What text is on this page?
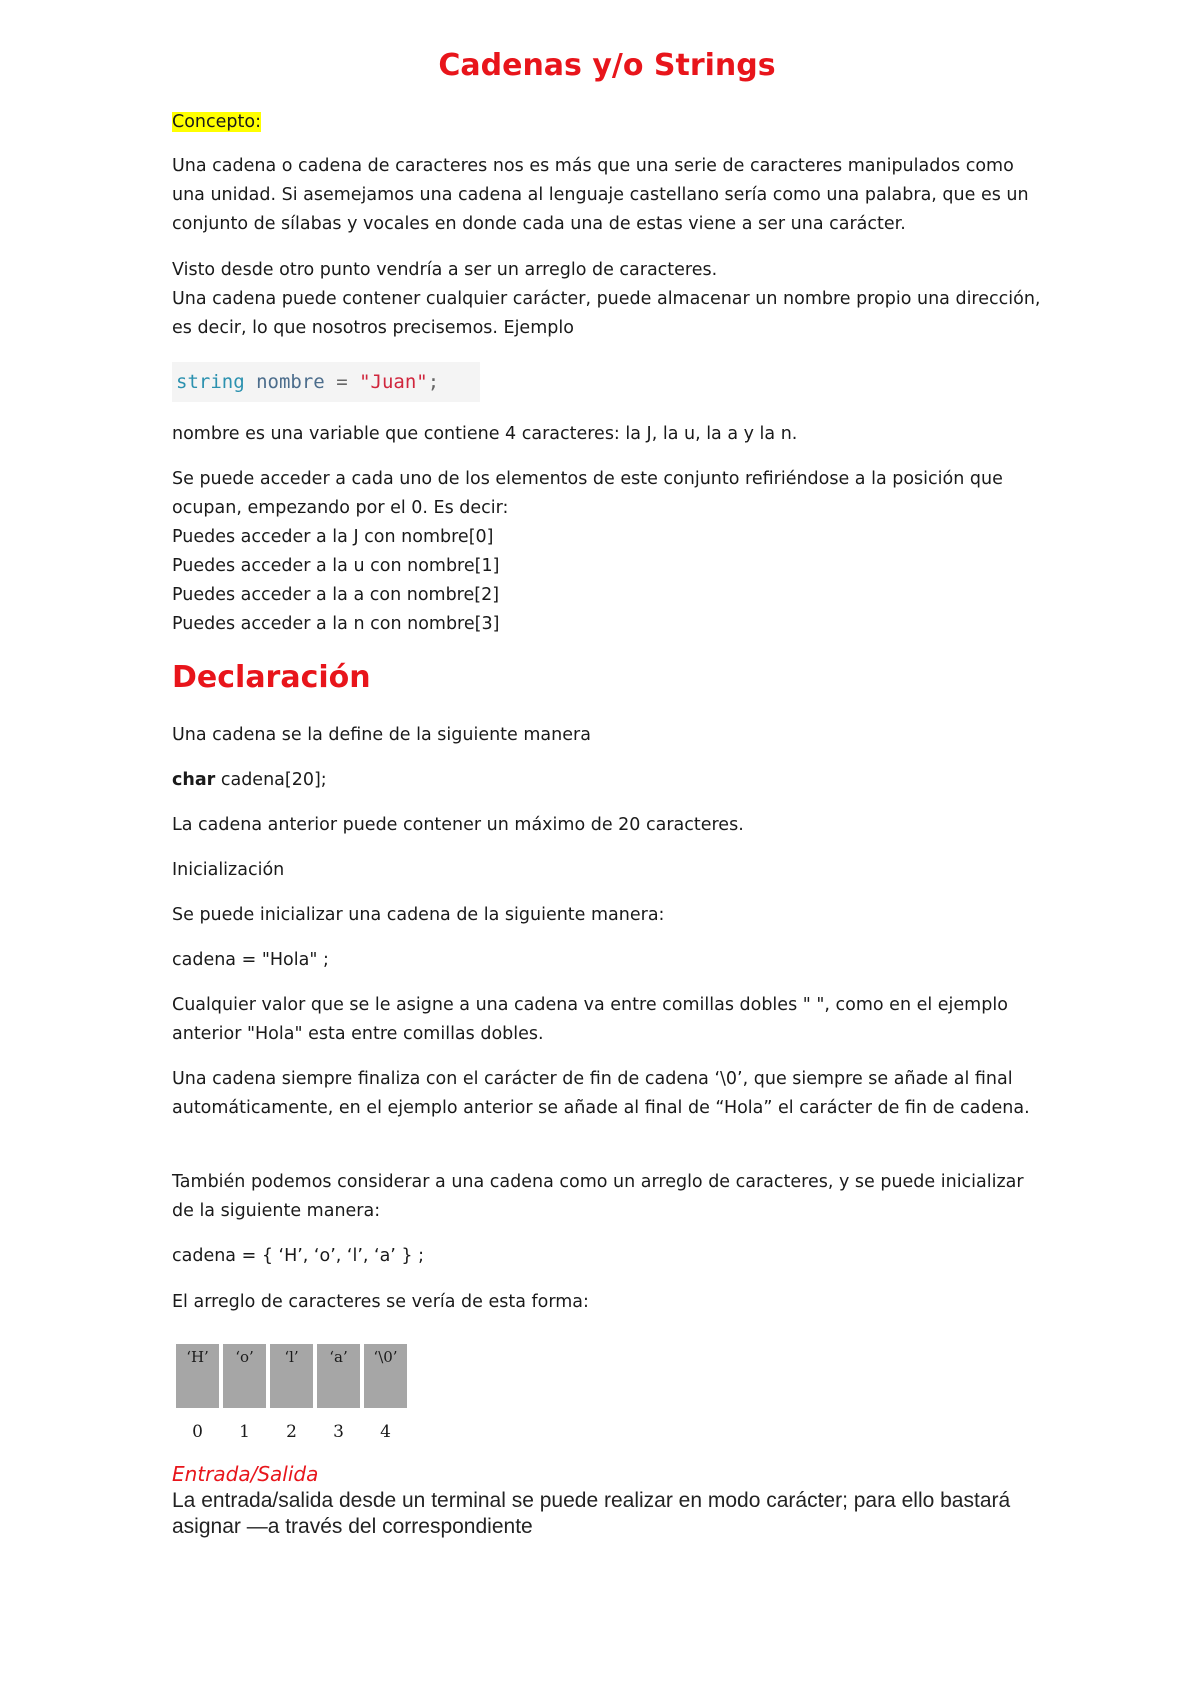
Cadenas y/o Strings

Concepto:

Una cadena o cadena de caracteres nos es más que una serie de caracteres manipulados como una unidad. Si asemejamos una cadena al lenguaje castellano sería como una palabra, que es un conjunto de sílabas y vocales en donde cada una de estas viene a ser una carácter.

Visto desde otro punto vendría a ser un arreglo de caracteres.
Una cadena puede contener cualquier carácter, puede almacenar un nombre propio una dirección, es decir, lo que nosotros precisemos. Ejemplo

string nombre = "Juan";

nombre es una variable que contiene 4 caracteres: la J, la u, la a y la n.

Se puede acceder a cada uno de los elementos de este conjunto refiriéndose a la posición que ocupan, empezando por el 0. Es decir:
Puedes acceder a la J con nombre[0]
Puedes acceder a la u con nombre[1]
Puedes acceder a la a con nombre[2]
Puedes acceder a la n con nombre[3]

Declaración

Una cadena se la define de la siguiente manera

char cadena[20];

La cadena anterior puede contener un máximo de 20 caracteres.

Inicialización

Se puede inicializar una cadena de la siguiente manera:

cadena = "Hola" ;

Cualquier valor que se le asigne a una cadena va entre comillas dobles " ", como en el ejemplo anterior "Hola" esta entre comillas dobles.

Una cadena siempre finaliza con el carácter de fin de cadena ‘\0’, que siempre se añade al final automáticamente, en el ejemplo anterior se añade al final de “Hola” el carácter de fin de cadena.

También podemos considerar a una cadena como un arreglo de caracteres, y se puede inicializar de la siguiente manera:

cadena = { ‘H’, ‘o’, ‘l’, ‘a’ } ;

El arreglo de caracteres se vería de esta forma:

‘H’	‘o’	‘l’	‘a’	‘\0’
0	1	2	3	4
Entrada/Salida

La entrada/salida desde un terminal se puede realizar en modo carácter; para ello bastará asignar —a través del correspondiente
